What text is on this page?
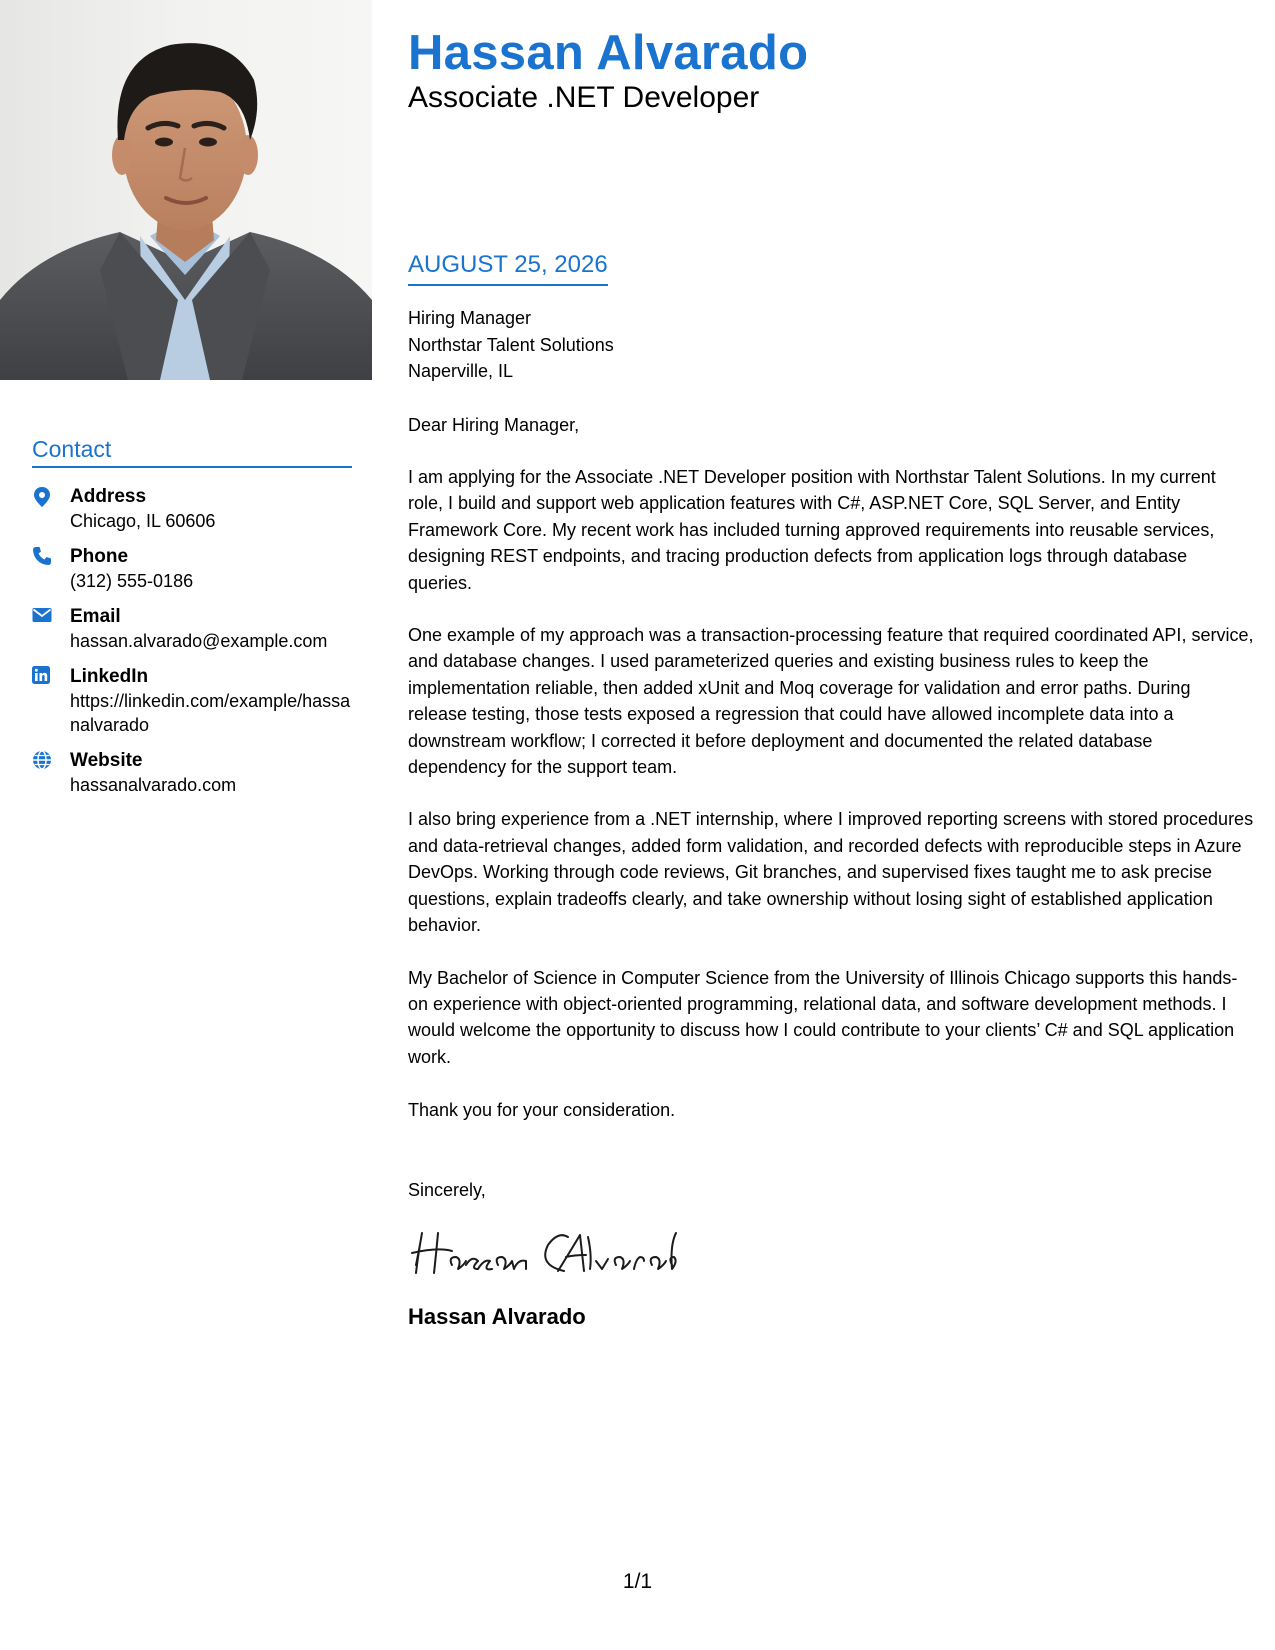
Hassan Alvarado
Associate .NET Developer
Contact
Address
Chicago, IL 60606
Phone
(312) 555-0186
Email
hassan.alvarado@example.com
LinkedIn
https://linkedin.com/example/hassanalvarado
Website
hassanalvarado.com
AUGUST 25, 2026
Hiring Manager
Northstar Talent Solutions
Naperville, IL
Dear Hiring Manager,
I am applying for the Associate .NET Developer position with Northstar Talent Solutions. In my current role, I build and support web application features with C#, ASP.NET Core, SQL Server, and Entity Framework Core. My recent work has included turning approved requirements into reusable services, designing REST endpoints, and tracing production defects from application logs through database queries.
One example of my approach was a transaction-processing feature that required coordinated API, service, and database changes. I used parameterized queries and existing business rules to keep the implementation reliable, then added xUnit and Moq coverage for validation and error paths. During release testing, those tests exposed a regression that could have allowed incomplete data into a downstream workflow; I corrected it before deployment and documented the related database dependency for the support team.
I also bring experience from a .NET internship, where I improved reporting screens with stored procedures and data-retrieval changes, added form validation, and recorded defects with reproducible steps in Azure DevOps. Working through code reviews, Git branches, and supervised fixes taught me to ask precise questions, explain tradeoffs clearly, and take ownership without losing sight of established application behavior.
My Bachelor of Science in Computer Science from the University of Illinois Chicago supports this hands-on experience with object-oriented programming, relational data, and software development methods. I would welcome the opportunity to discuss how I could contribute to your clients’ C# and SQL application work.
Thank you for your consideration.
Sincerely,
Hassan Alvarado
1/1
